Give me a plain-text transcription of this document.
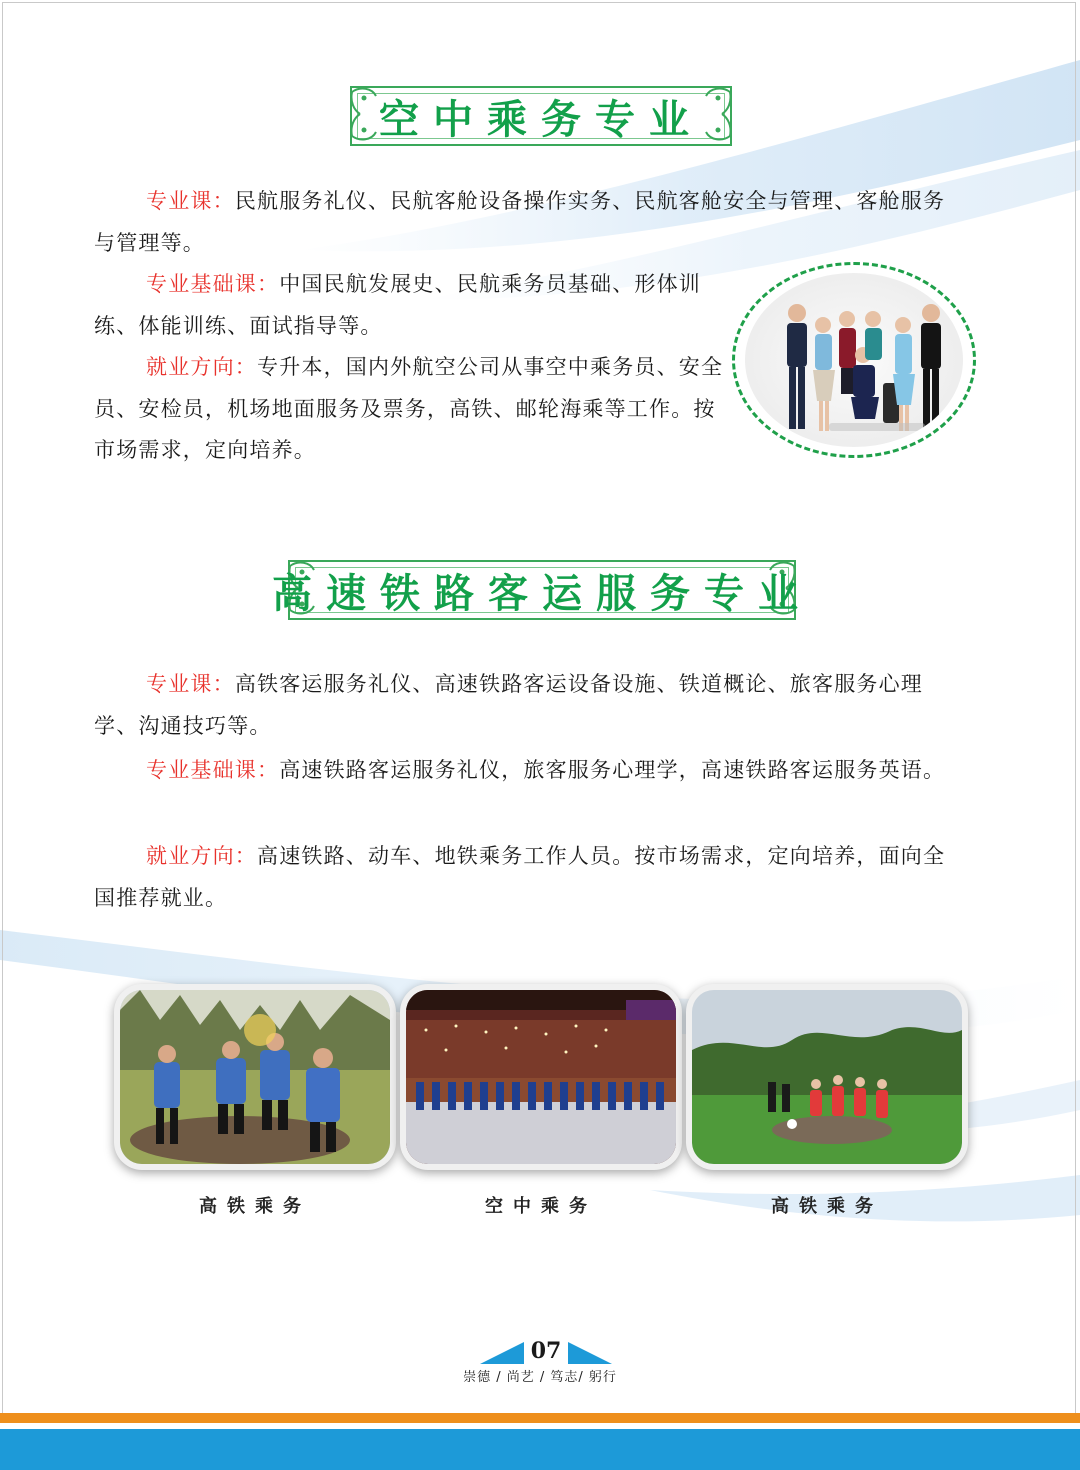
空中乘务专业

专业课：民航服务礼仪、民航客舱设备操作实务、民航客舱安全与管理、客舱服务与管理等。

专业基础课：中国民航发展史、民航乘务员基础、形体训练、体能训练、面试指导等。

就业方向：专升本，国内外航空公司从事空中乘务员、安全员、安检员，机场地面服务及票务，高铁、邮轮海乘等工作。按市场需求，定向培养。

高速铁路客运服务专业

专业课：高铁客运服务礼仪、高速铁路客运设备设施、铁道概论、旅客服务心理学、沟通技巧等。

专业基础课：高速铁路客运服务礼仪，旅客服务心理学，高速铁路客运服务英语。

就业方向：高速铁路、动车、地铁乘务工作人员。按市场需求，定向培养，面向全国推荐就业。

高铁乘务	空中乘务	高铁乘务
07
崇德 / 尚艺 / 笃志/ 躬行
